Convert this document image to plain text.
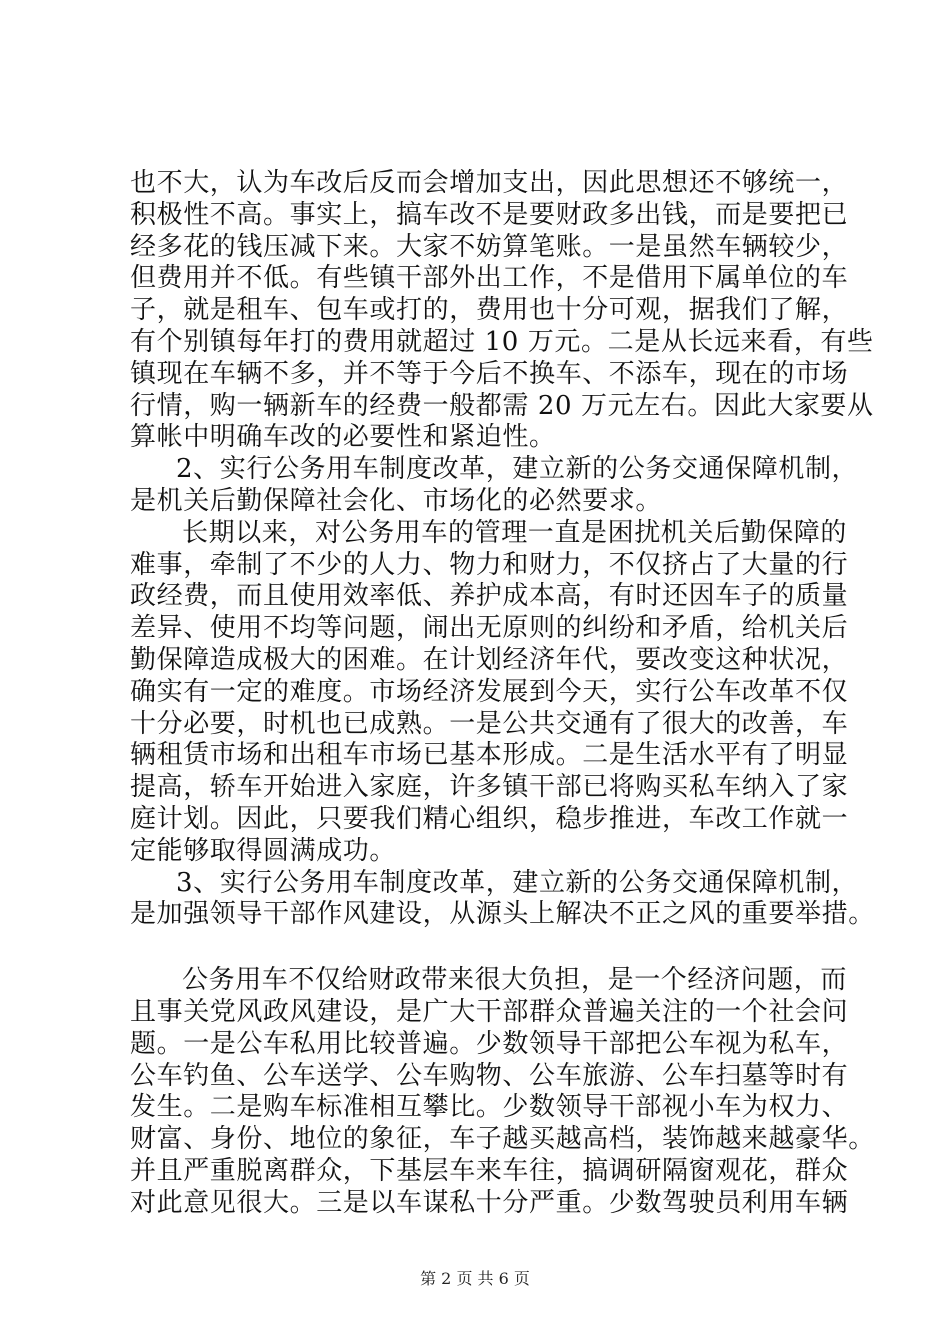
也不大，认为车改后反而会增加支出，因此思想还不够统一，
积极性不高。事实上，搞车改不是要财政多出钱，而是要把已
经多花的钱压减下来。大家不妨算笔账。一是虽然车辆较少，
但费用并不低。有些镇干部外出工作，不是借用下属单位的车
子，就是租车、包车或打的，费用也十分可观，据我们了解，
有个别镇每年打的费用就超过 10 万元。二是从长远来看，有些
镇现在车辆不多，并不等于今后不换车、不添车，现在的市场
行情，购一辆新车的经费一般都需 20 万元左右。因此大家要从
算帐中明确车改的必要性和紧迫性。
2、实行公务用车制度改革，建立新的公务交通保障机制，
是机关后勤保障社会化、市场化的必然要求。
长期以来，对公务用车的管理一直是困扰机关后勤保障的
难事，牵制了不少的人力、物力和财力，不仅挤占了大量的行
政经费，而且使用效率低、养护成本高，有时还因车子的质量
差异、使用不均等问题，闹出无原则的纠纷和矛盾，给机关后
勤保障造成极大的困难。在计划经济年代，要改变这种状况，
确实有一定的难度。市场经济发展到今天，实行公车改革不仅
十分必要，时机也已成熟。一是公共交通有了很大的改善，车
辆租赁市场和出租车市场已基本形成。二是生活水平有了明显
提高，轿车开始进入家庭，许多镇干部已将购买私车纳入了家
庭计划。因此，只要我们精心组织，稳步推进，车改工作就一
定能够取得圆满成功。
3、实行公务用车制度改革，建立新的公务交通保障机制，
是加强领导干部作风建设，从源头上解决不正之风的重要举措。
公务用车不仅给财政带来很大负担，是一个经济问题，而
且事关党风政风建设，是广大干部群众普遍关注的一个社会问
题。一是公车私用比较普遍。少数领导干部把公车视为私车，
公车钓鱼、公车送学、公车购物、公车旅游、公车扫墓等时有
发生。二是购车标准相互攀比。少数领导干部视小车为权力、
财富、身份、地位的象征，车子越买越高档，装饰越来越豪华。
并且严重脱离群众，下基层车来车往，搞调研隔窗观花，群众
对此意见很大。三是以车谋私十分严重。少数驾驶员利用车辆
第 2 页 共 6 页
